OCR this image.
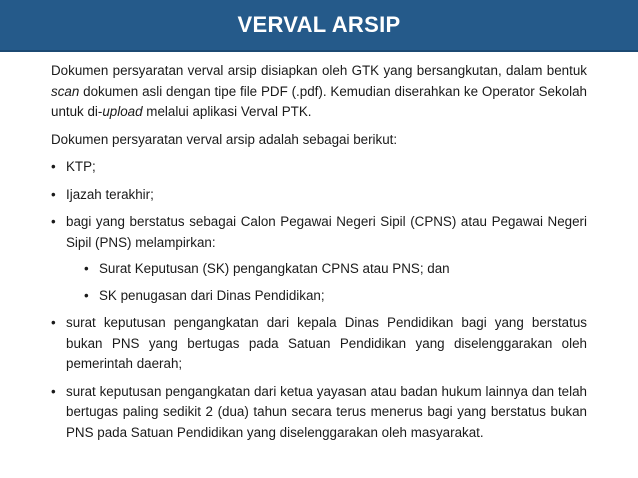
VERVAL ARSIP

Dokumen persyaratan verval arsip disiapkan oleh GTK yang bersangkutan, dalam bentuk scan dokumen asli dengan tipe file PDF (.pdf). Kemudian diserahkan ke Operator Sekolah untuk di-upload melalui aplikasi Verval PTK.

Dokumen persyaratan verval arsip adalah sebagai berikut:

• KTP;
• Ijazah terakhir;
• bagi yang berstatus sebagai Calon Pegawai Negeri Sipil (CPNS) atau Pegawai Negeri Sipil (PNS) melampirkan:
• Surat Keputusan (SK) pengangkatan CPNS atau PNS; dan
• SK penugasan dari Dinas Pendidikan;
• surat keputusan pengangkatan dari kepala Dinas Pendidikan bagi yang berstatus bukan PNS yang bertugas pada Satuan Pendidikan yang diselenggarakan oleh pemerintah daerah;
• surat keputusan pengangkatan dari ketua yayasan atau badan hukum lainnya dan telah bertugas paling sedikit 2 (dua) tahun secara terus menerus bagi yang berstatus bukan PNS pada Satuan Pendidikan yang diselenggarakan oleh masyarakat.
